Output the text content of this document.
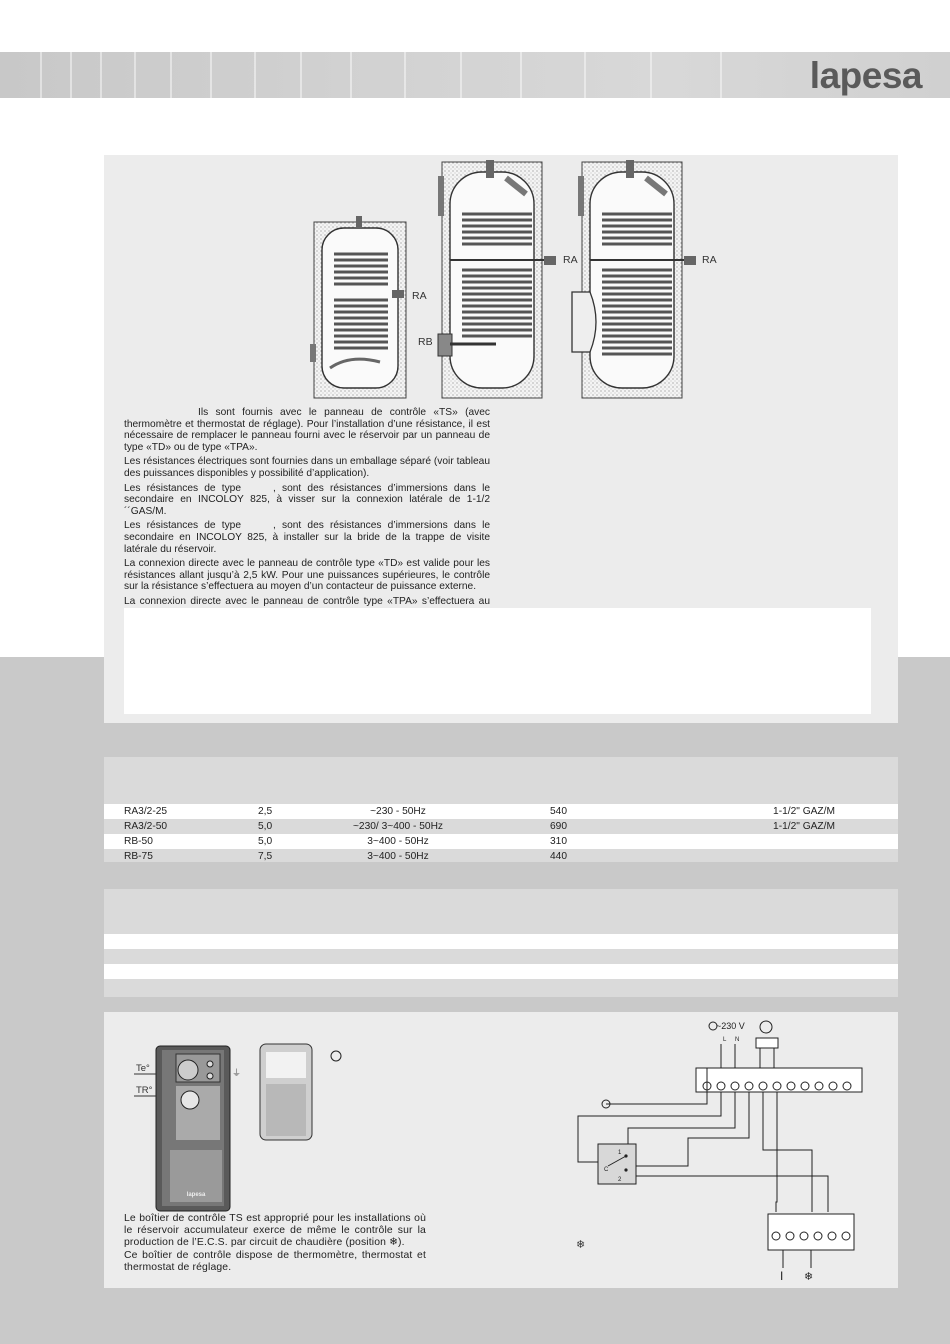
lapesa
RA
RB
RA	RA

Ils sont fournis avec le panneau de contrôle «TS» (avec thermomètre et thermostat de réglage). Pour l’installation d’une résistance, il est nécessaire de remplacer le panneau fourni avec le réservoir par un panneau de type «TD» ou de type «TPA».

Les résistances électriques sont fournies dans un emballage séparé (voir tableau des puissances disponibles y possibilité d’application).

Les résistances de type	, sont des résistances d’immersions dans le secondaire en INCOLOY 825, à visser sur la connexion latérale de 1-1/2´´GAS/M.

Les résistances de type	, sont des résistances d’immersions dans le secondaire en INCOLOY 825, à installer sur la bride de la trappe de visite latérale du réservoir.

La connexion directe avec le panneau de contrôle type «TD» est valide pour les résistances allant jusqu’à 2,5 kW. Pour une puissances supérieures, le contrôle sur la résistance s’effectuera au moyen d’un contacteur de puissance externe.

La connexion directe avec le panneau de contrôle type «TPA» s’effectuera au

RA3/2-25	2,5	~230 - 50Hz	540	1-1/2" GAZ/M
RA3/2-50	5,0	~230/ 3~400 - 50Hz	690	1-1/2" GAZ/M
RB-50	5,0	3~400 - 50Hz	310
RB-75	7,5	3~400 - 50Hz	440
lapesa
⏚
Te°
TR°

Le boîtier de contrôle TS est approprié pour les installations où le réservoir accumulateur exerce de même le contrôle sur la production de l’E.C.S. par circuit de chaudière (position ❄).

Ce boîtier de contrôle dispose de thermomètre, thermostat et thermostat de réglage.

❄
~230 V
L N
1
C
2
I ❄
